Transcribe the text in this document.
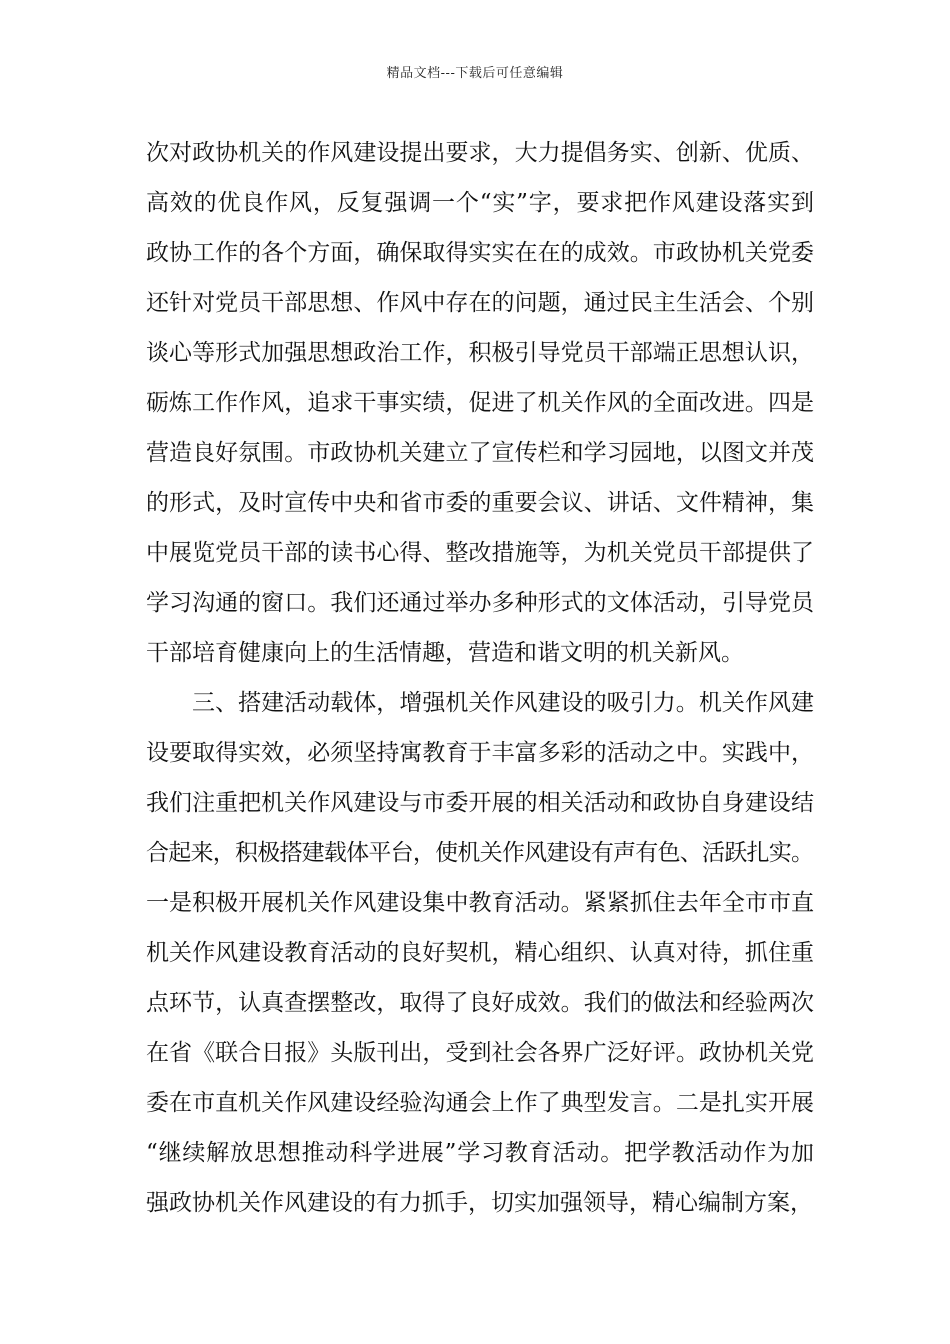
精品文档---下载后可任意编辑
次对政协机关的作风建设提出要求，大力提倡务实、创新、优质、
高效的优良作风，反复强调一个“实”字，要求把作风建设落实到
政协工作的各个方面，确保取得实实在在的成效。市政协机关党委
还针对党员干部思想、作风中存在的问题，通过民主生活会、个别
谈心等形式加强思想政治工作，积极引导党员干部端正思想认识，
砺炼工作作风，追求干事实绩，促进了机关作风的全面改进。四是
营造良好氛围。市政协机关建立了宣传栏和学习园地，以图文并茂
的形式，及时宣传中央和省市委的重要会议、讲话、文件精神，集
中展览党员干部的读书心得、整改措施等，为机关党员干部提供了
学习沟通的窗口。我们还通过举办多种形式的文体活动，引导党员
干部培育健康向上的生活情趣，营造和谐文明的机关新风。
三、搭建活动载体，增强机关作风建设的吸引力。机关作风建
设要取得实效，必须坚持寓教育于丰富多彩的活动之中。实践中，
我们注重把机关作风建设与市委开展的相关活动和政协自身建设结
合起来，积极搭建载体平台，使机关作风建设有声有色、活跃扎实。
一是积极开展机关作风建设集中教育活动。紧紧抓住去年全市市直
机关作风建设教育活动的良好契机，精心组织、认真对待，抓住重
点环节，认真查摆整改，取得了良好成效。我们的做法和经验两次
在省《联合日报》头版刊出，受到社会各界广泛好评。政协机关党
委在市直机关作风建设经验沟通会上作了典型发言。二是扎实开展
“继续解放思想推动科学进展”学习教育活动。把学教活动作为加
强政协机关作风建设的有力抓手，切实加强领导，精心编制方案，
